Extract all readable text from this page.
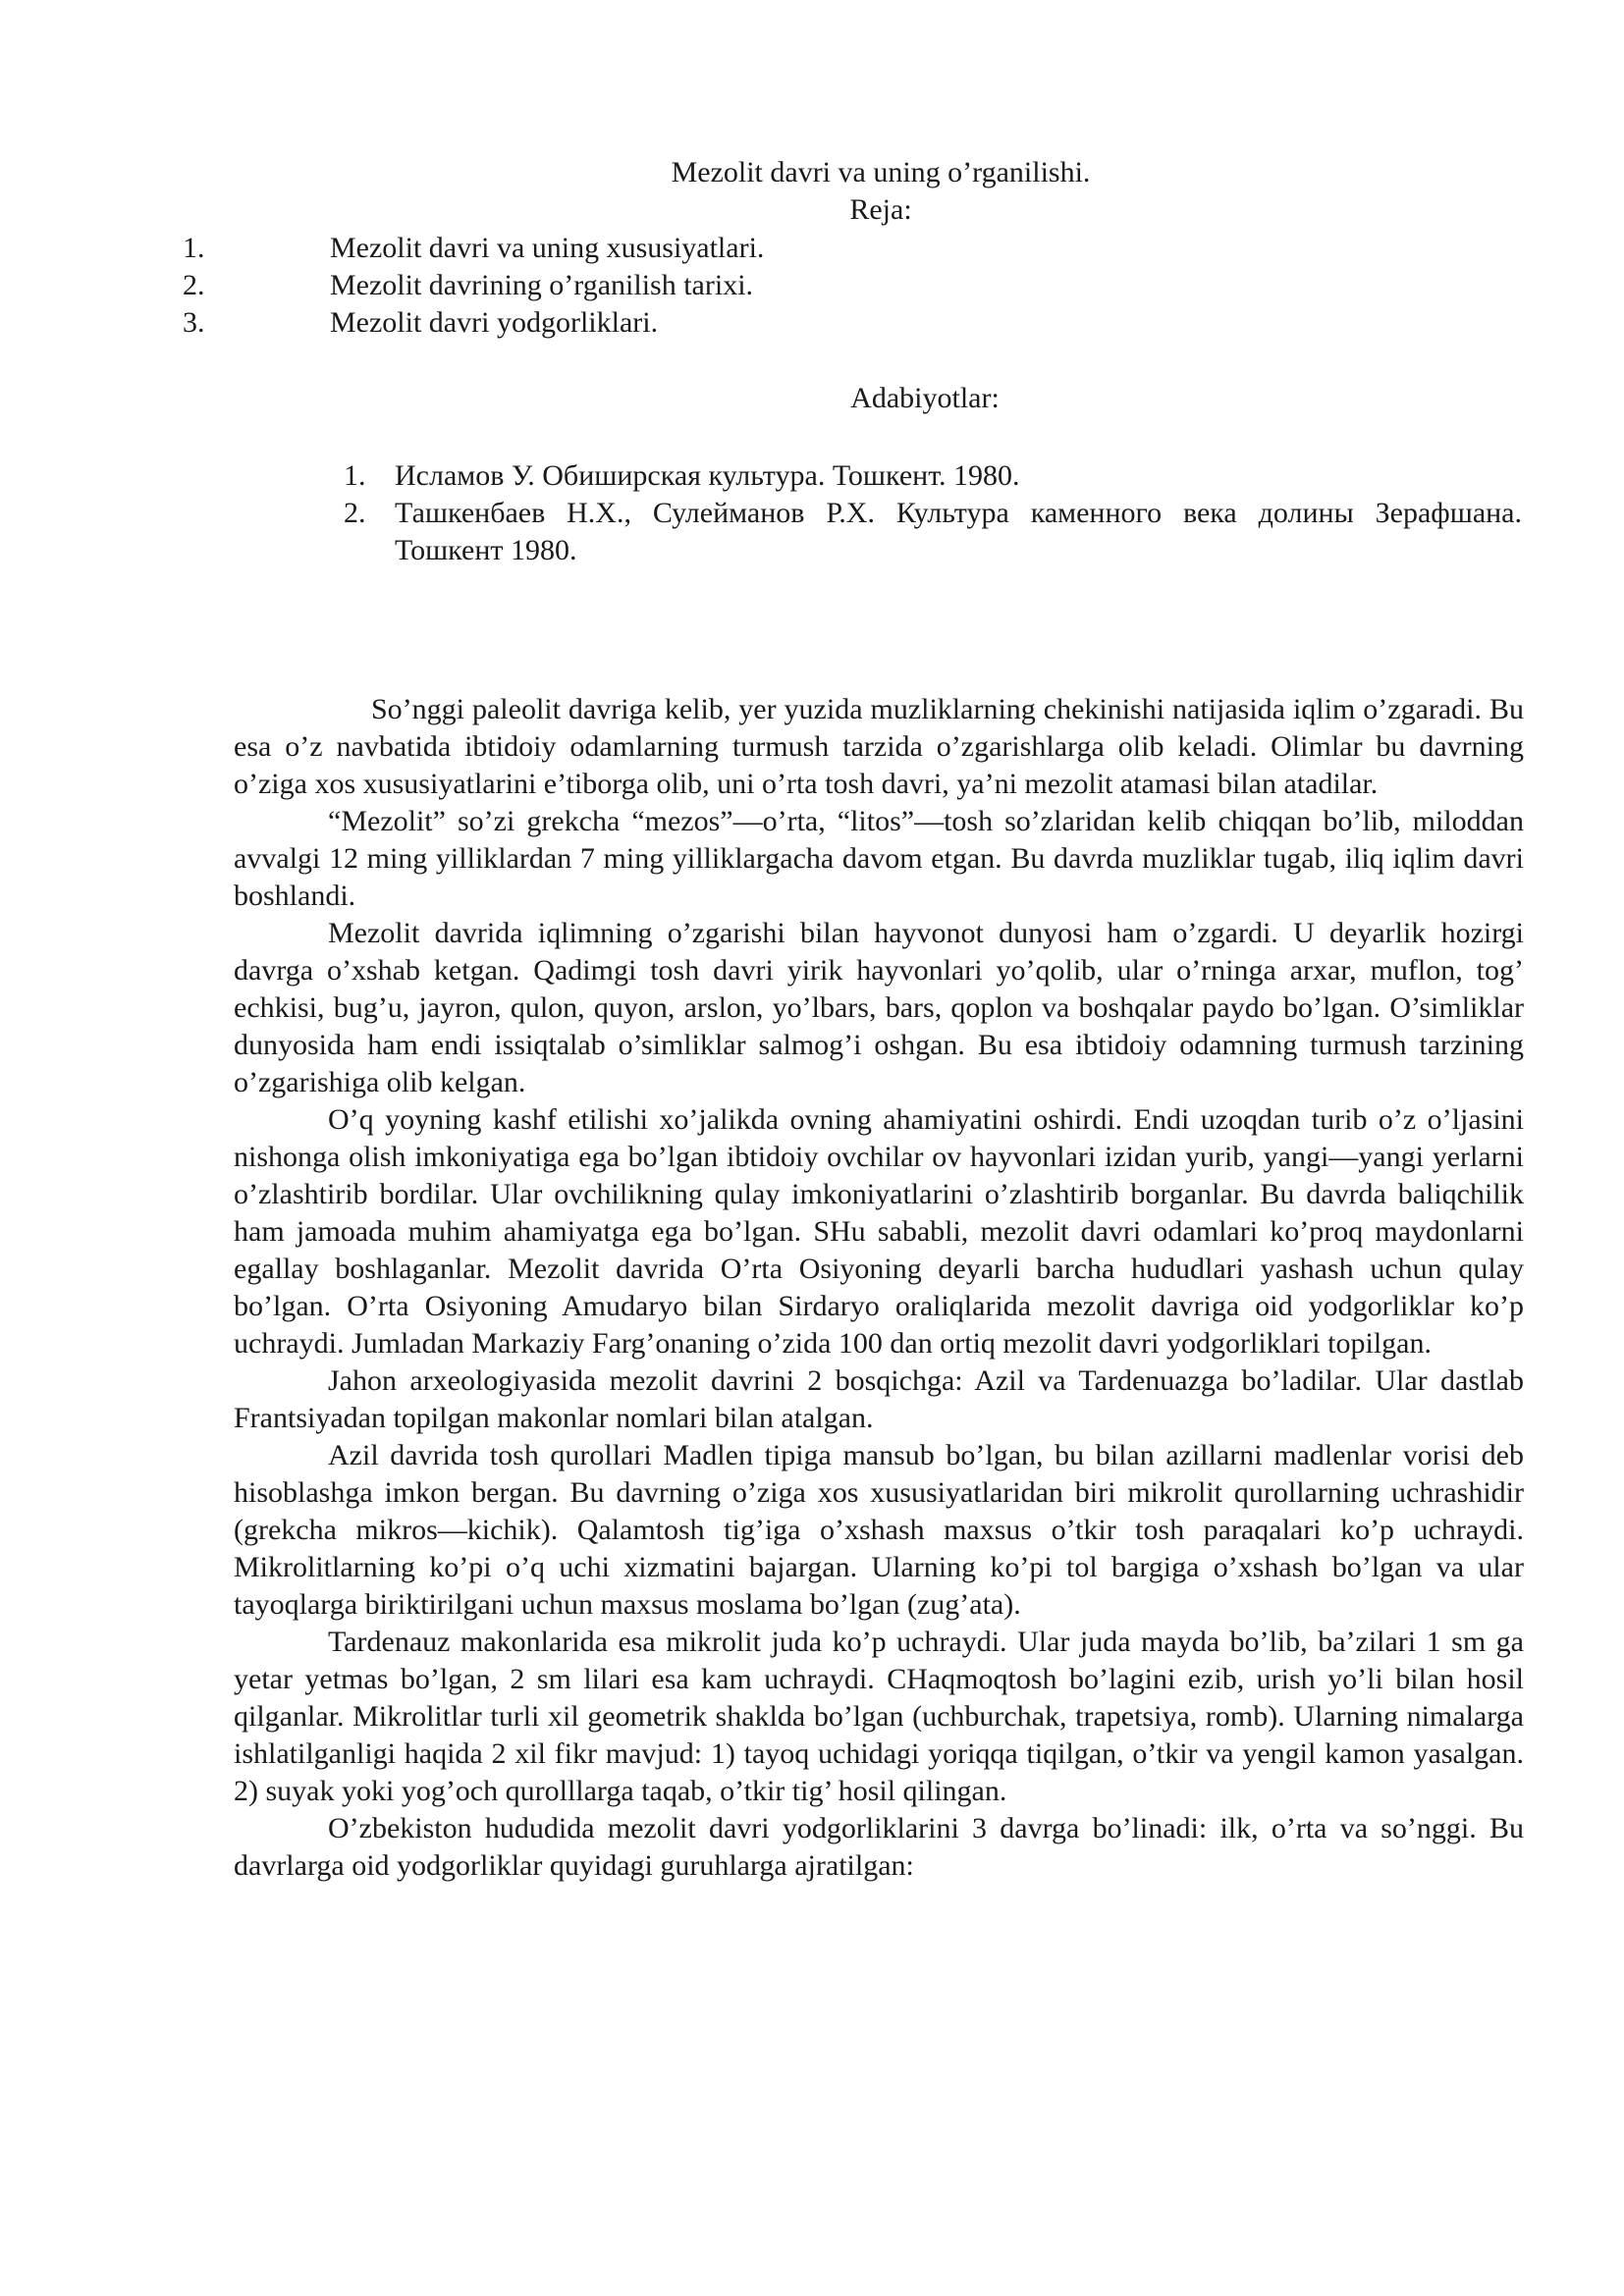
Mezolit davri va uning o’rganilishi.
Reja:
1.	Mezolit davri va uning xususiyatlari.
2.	Mezolit davrining o’rganilish tarixi.
3.	Mezolit davri yodgorliklari.
Adabiyotlar:
1. Исламов У. Обиширская культура. Тошкент. 1980.
2. Ташкенбаев Н.Х., Сулейманов Р.Х. Культура каменного века долины Зерафшана. Тошкент 1980.

So’nggi paleolit davriga kelib, yer yuzida muzliklarning chekinishi natijasida iqlim o’zgaradi. Bu esa o’z navbatida ibtidoiy odamlarning turmush tarzida o’zgarishlarga olib keladi. Olimlar bu davrning o’ziga xos xususiyatlarini e’tiborga olib, uni o’rta tosh davri, ya’ni mezolit atamasi bilan atadilar.

“Mezolit” so’zi grekcha “mezos”—o’rta, “litos”—tosh so’zlaridan kelib chiqqan bo’lib, miloddan avvalgi 12 ming yilliklardan 7 ming yilliklargacha davom etgan. Bu davrda muzliklar tugab, iliq iqlim davri boshlandi.

Mezolit davrida iqlimning o’zgarishi bilan hayvonot dunyosi ham o’zgardi. U deyarlik hozirgi davrga o’xshab ketgan. Qadimgi tosh davri yirik hayvonlari yo’qolib, ular o’rninga arxar, muflon, tog’ echkisi, bug’u, jayron, qulon, quyon, arslon, yo’lbars, bars, qoplon va boshqalar paydo bo’lgan. O’simliklar dunyosida ham endi issiqtalab o’simliklar salmog’i oshgan. Bu esa ibtidoiy odamning turmush tarzining o’zgarishiga olib kelgan.

O’q yoyning kashf etilishi xo’jalikda ovning ahamiyatini oshirdi. Endi uzoqdan turib o’z o’ljasini nishonga olish imkoniyatiga ega bo’lgan ibtidoiy ovchilar ov hayvonlari izidan yurib, yangi—yangi yerlarni o’zlashtirib bordilar. Ular ovchilikning qulay imkoniyatlarini o’zlashtirib borganlar. Bu davrda baliqchilik ham jamoada muhim ahamiyatga ega bo’lgan. SHu sababli, mezolit davri odamlari ko’proq maydonlarni egallay boshlaganlar. Mezolit davrida O’rta Osiyoning deyarli barcha hududlari yashash uchun qulay bo’lgan. O’rta Osiyoning Amudaryo bilan Sirdaryo oraliqlarida mezolit davriga oid yodgorliklar ko’p uchraydi. Jumladan Markaziy Farg’onaning o’zida 100 dan ortiq mezolit davri yodgorliklari topilgan.

Jahon arxeologiyasida mezolit davrini 2 bosqichga: Azil va Tardenuazga bo’ladilar. Ular dastlab Frantsiyadan topilgan makonlar nomlari bilan atalgan.

Azil davrida tosh qurollari Madlen tipiga mansub bo’lgan, bu bilan azillarni madlenlar vorisi deb hisoblashga imkon bergan. Bu davrning o’ziga xos xususiyatlaridan biri mikrolit qurollarning uchrashidir (grekcha mikros—kichik). Qalamtosh tig’iga o’xshash maxsus o’tkir tosh paraqalari ko’p uchraydi. Mikrolitlarning ko’pi o’q uchi xizmatini bajargan. Ularning ko’pi tol bargiga o’xshash bo’lgan va ular tayoqlarga biriktirilgani uchun maxsus moslama bo’lgan (zug’ata).

Tardenauz makonlarida esa mikrolit juda ko’p uchraydi. Ular juda mayda bo’lib, ba’zilari 1 sm ga yetar yetmas bo’lgan, 2 sm lilari esa kam uchraydi. CHaqmoqtosh bo’lagini ezib, urish yo’li bilan hosil qilganlar. Mikrolitlar turli xil geometrik shaklda bo’lgan (uchburchak, trapetsiya, romb). Ularning nimalarga ishlatilganligi haqida 2 xil fikr mavjud: 1) tayoq uchidagi yoriqqa tiqilgan, o’tkir va yengil kamon yasalgan. 2) suyak yoki yog’och qurolllarga taqab, o’tkir tig’ hosil qilingan.

O’zbekiston hududida mezolit davri yodgorliklarini 3 davrga bo’linadi: ilk, o’rta va so’nggi. Bu davrlarga oid yodgorliklar quyidagi guruhlarga ajratilgan:
